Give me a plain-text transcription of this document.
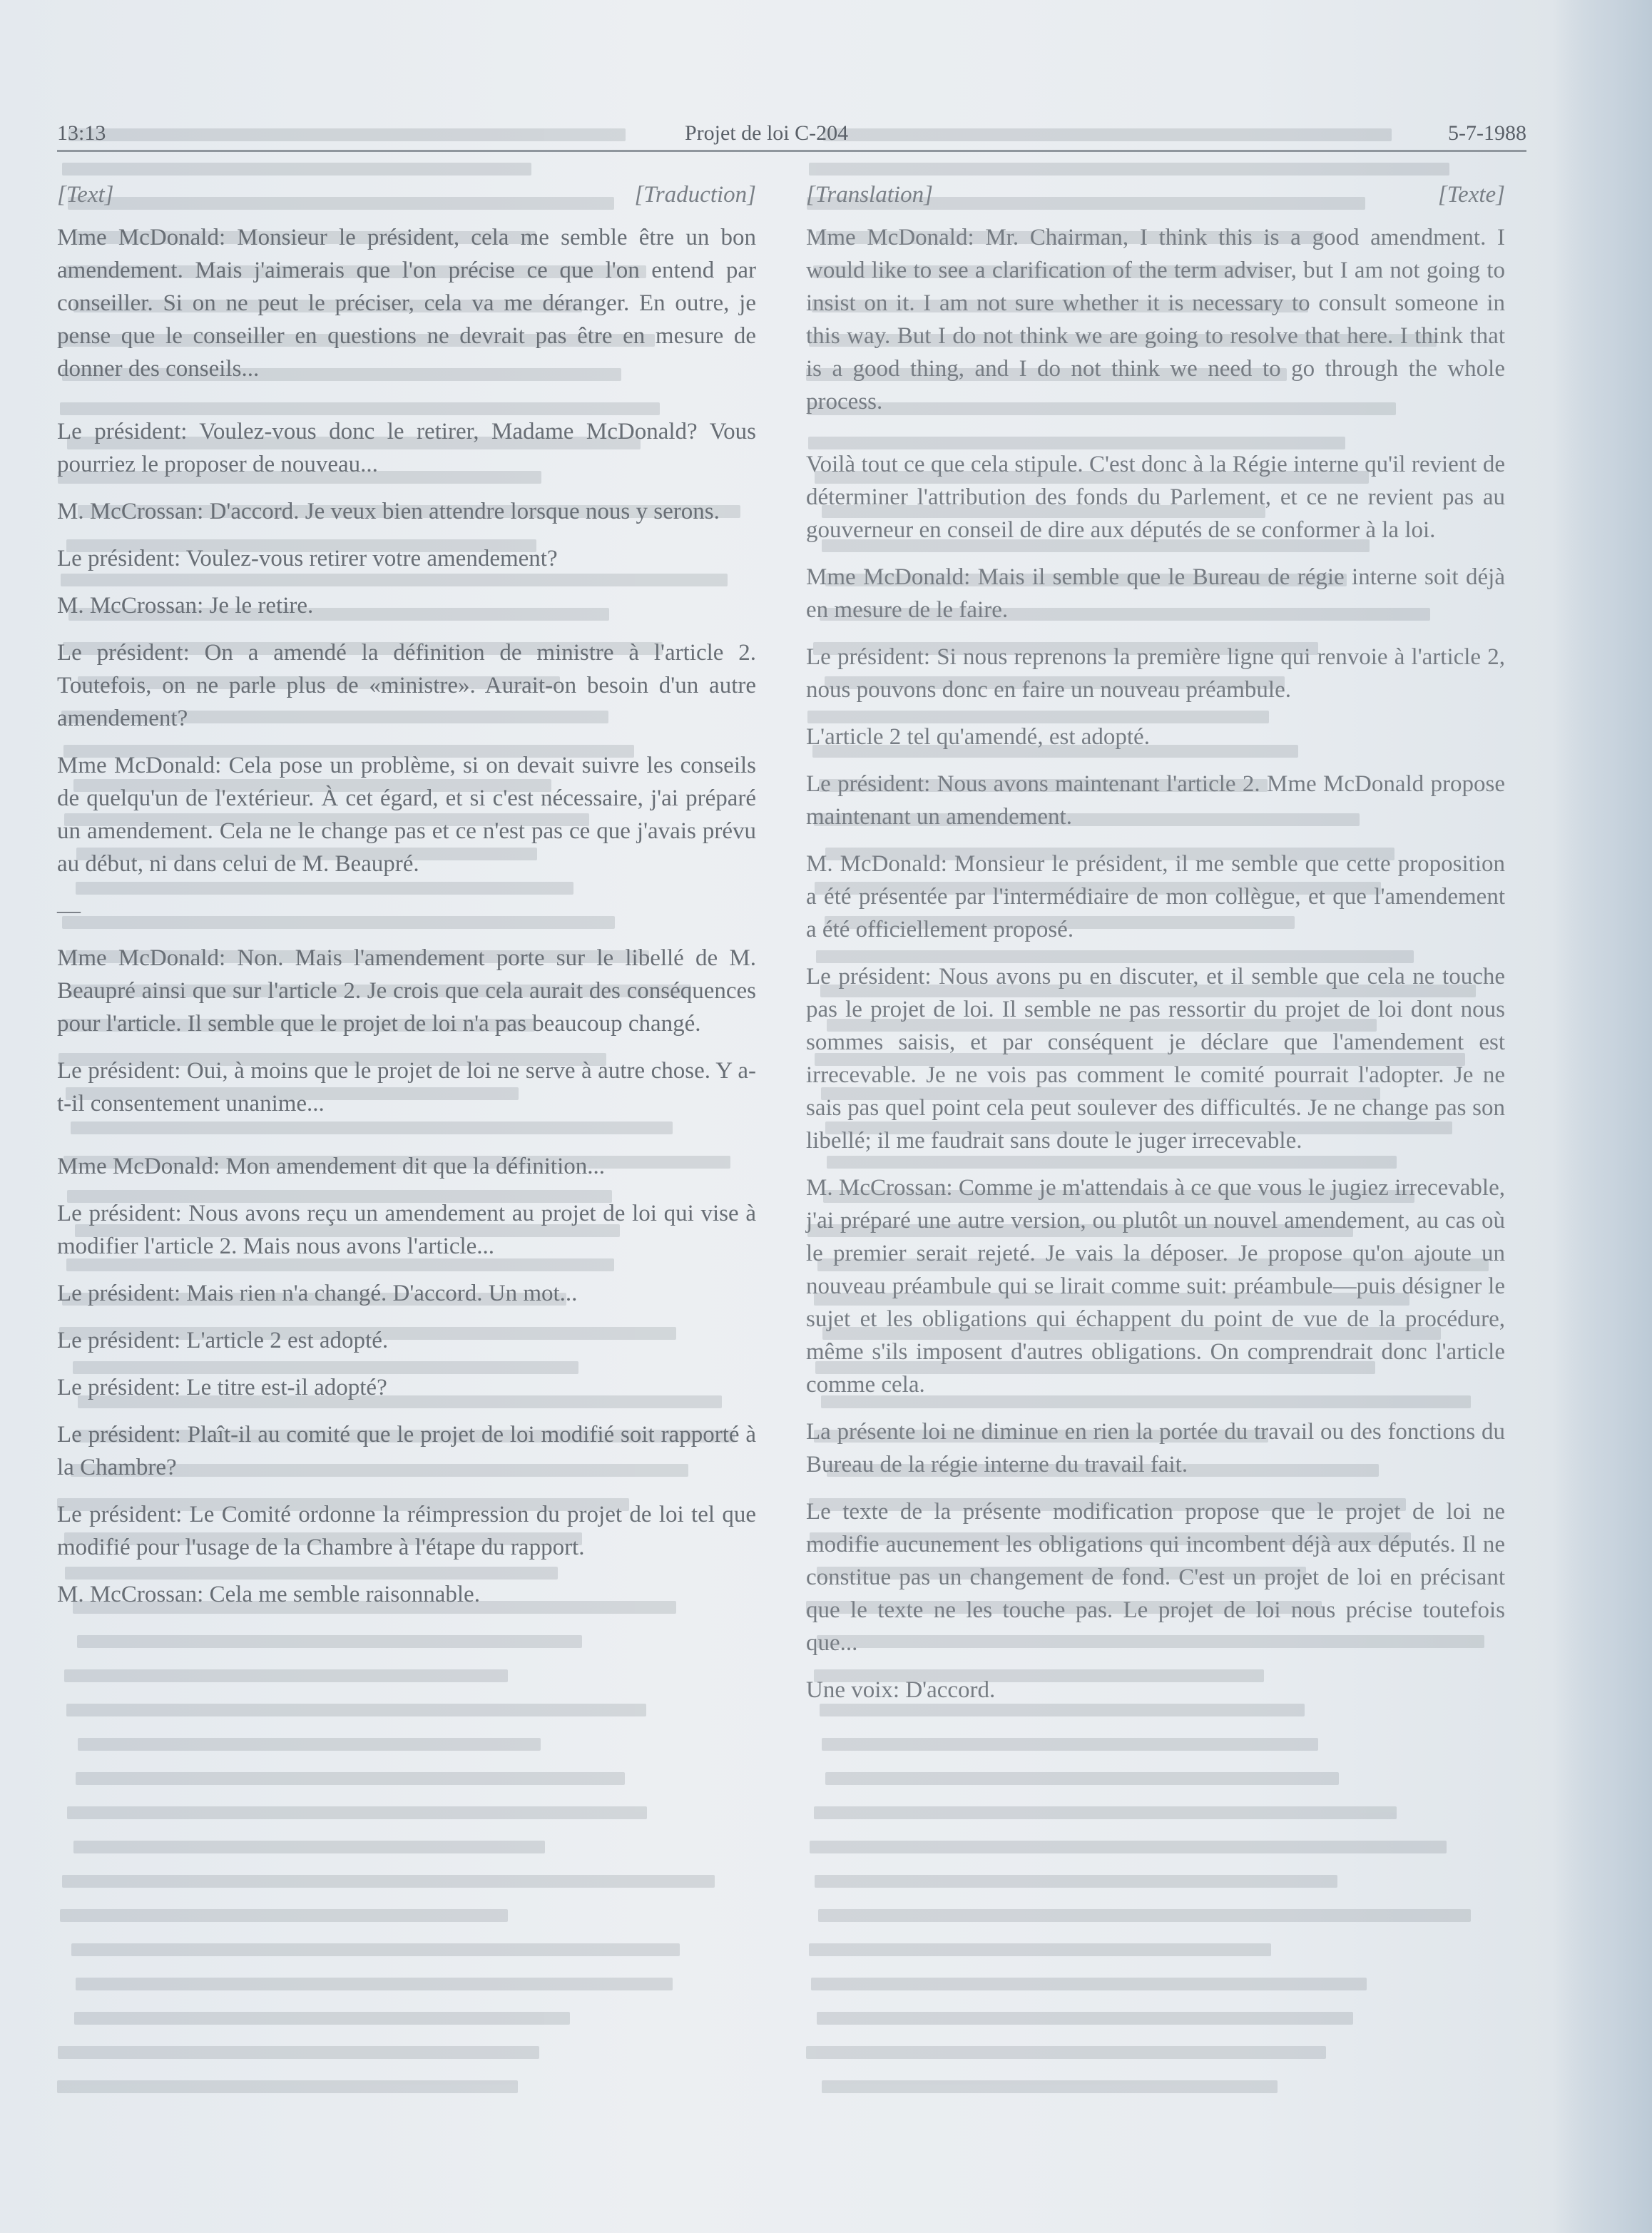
13:13	Projet de loi C-204	5-7-1988
[Text]	[Traduction]

Mme McDonald: Monsieur le président, cela me semble être un bon amendement. Mais j'aimerais que l'on précise ce que l'on entend par conseiller. Si on ne peut le préciser, cela va me déranger. En outre, je pense que le conseiller en questions ne devrait pas être en mesure de donner des conseils...

Le président: Voulez-vous donc le retirer, Madame McDonald? Vous pourriez le proposer de nouveau...

M. McCrossan: D'accord. Je veux bien attendre lorsque nous y serons.

Le président: Voulez-vous retirer votre amendement?

M. McCrossan: Je le retire.

Le président: On a amendé la définition de ministre à l'article 2. Toutefois, on ne parle plus de «ministre». Aurait-on besoin d'un autre amendement?

Mme McDonald: Cela pose un problème, si on devait suivre les conseils de quelqu'un de l'extérieur. À cet égard, et si c'est nécessaire, j'ai préparé un amendement. Cela ne le change pas et ce n'est pas ce que j'avais prévu au début, ni dans celui de M. Beaupré.

—

Mme McDonald: Non. Mais l'amendement porte sur le libellé de M. Beaupré ainsi que sur l'article 2. Je crois que cela aurait des conséquences pour l'article. Il semble que le projet de loi n'a pas beaucoup changé.

Le président: Oui, à moins que le projet de loi ne serve à autre chose. Y a-t-il consentement unanime...

Mme McDonald: Mon amendement dit que la définition...

Le président: Nous avons reçu un amendement au projet de loi qui vise à modifier l'article 2. Mais nous avons l'article...

Le président: Mais rien n'a changé. D'accord. Un mot...

Le président: L'article 2 est adopté.

Le président: Le titre est-il adopté?

Le président: Plaît-il au comité que le projet de loi modifié soit rapporté à la Chambre?

Le président: Le Comité ordonne la réimpression du projet de loi tel que modifié pour l'usage de la Chambre à l'étape du rapport.

M. McCrossan: Cela me semble raisonnable.

[Translation]	[Texte]

Mme McDonald: Mr. Chairman, I think this is a good amendment. I would like to see a clarification of the term adviser, but I am not going to insist on it. I am not sure whether it is necessary to consult someone in this way. But I do not think we are going to resolve that here. I think that is a good thing, and I do not think we need to go through the whole process.

Voilà tout ce que cela stipule. C'est donc à la Régie interne qu'il revient de déterminer l'attribution des fonds du Parlement, et ce ne revient pas au gouverneur en conseil de dire aux députés de se conformer à la loi.

Mme McDonald: Mais il semble que le Bureau de régie interne soit déjà en mesure de le faire.

Le président: Si nous reprenons la première ligne qui renvoie à l'article 2, nous pouvons donc en faire un nouveau préambule.

L'article 2 tel qu'amendé, est adopté.

Le président: Nous avons maintenant l'article 2. Mme McDonald propose maintenant un amendement.

M. McDonald: Monsieur le président, il me semble que cette proposition a été présentée par l'intermédiaire de mon collègue, et que l'amendement a été officiellement proposé.

Le président: Nous avons pu en discuter, et il semble que cela ne touche pas le projet de loi. Il semble ne pas ressortir du projet de loi dont nous sommes saisis, et par conséquent je déclare que l'amendement est irrecevable. Je ne vois pas comment le comité pourrait l'adopter. Je ne sais pas quel point cela peut soulever des difficultés. Je ne change pas son libellé; il me faudrait sans doute le juger irrecevable.

M. McCrossan: Comme je m'attendais à ce que vous le jugiez irrecevable, j'ai préparé une autre version, ou plutôt un nouvel amendement, au cas où le premier serait rejeté. Je vais la déposer. Je propose qu'on ajoute un nouveau préambule qui se lirait comme suit: préambule—puis désigner le sujet et les obligations qui échappent du point de vue de la procédure, même s'ils imposent d'autres obligations. On comprendrait donc l'article comme cela.

La présente loi ne diminue en rien la portée du travail ou des fonctions du Bureau de la régie interne du travail fait.

Le texte de la présente modification propose que le projet de loi ne modifie aucunement les obligations qui incombent déjà aux députés. Il ne constitue pas un changement de fond. C'est un projet de loi en précisant que le texte ne les touche pas. Le projet de loi nous précise toutefois que...

Une voix: D'accord.
